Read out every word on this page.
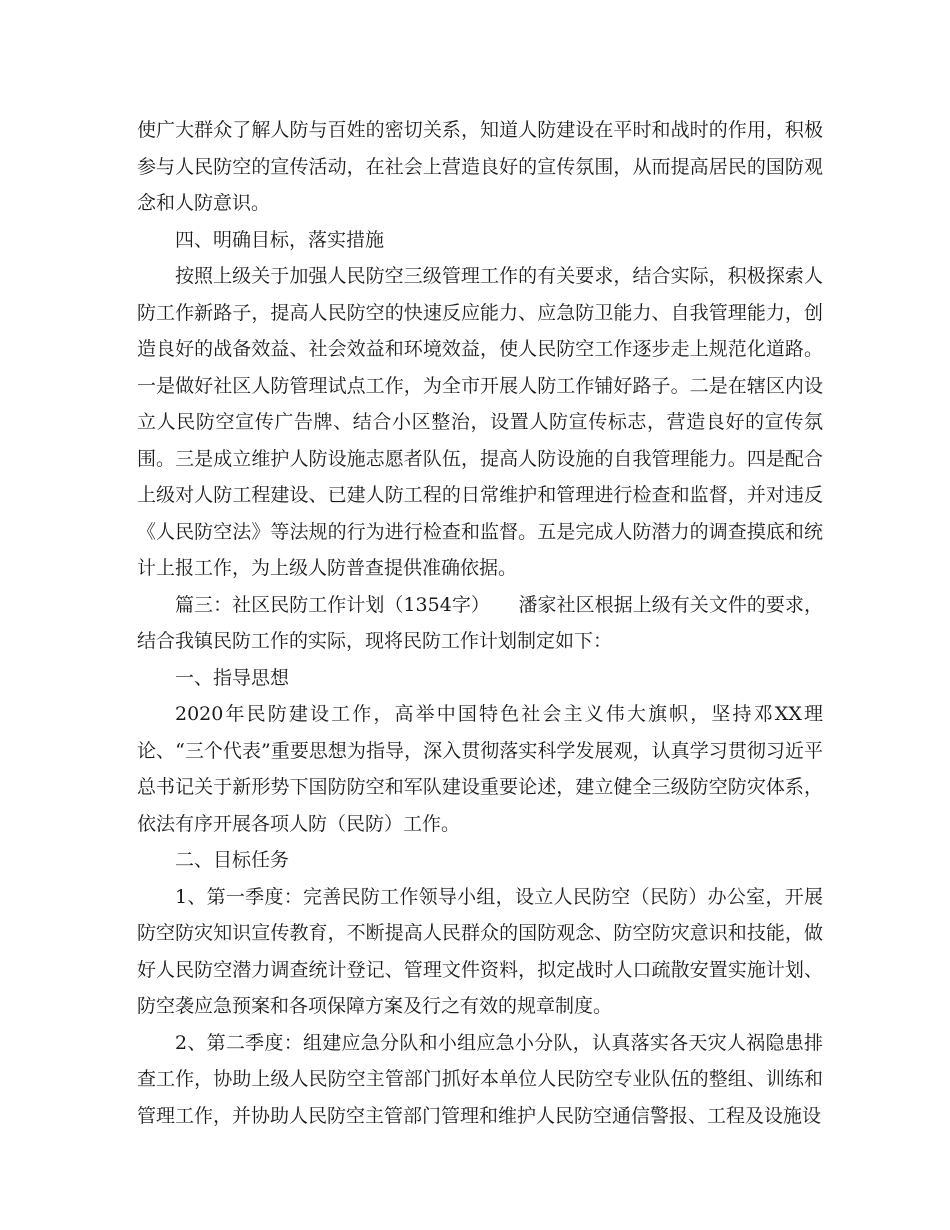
使广大群众了解人防与百姓的密切关系，知道人防建设在平时和战时的作用，积极参与人民防空的宣传活动，在社会上营造良好的宣传氛围，从而提高居民的国防观念和人防意识。

四、明确目标，落实措施

按照上级关于加强人民防空三级管理工作的有关要求，结合实际，积极探索人防工作新路子，提高人民防空的快速反应能力、应急防卫能力、自我管理能力，创造良好的战备效益、社会效益和环境效益，使人民防空工作逐步走上规范化道路。一是做好社区人防管理试点工作，为全市开展人防工作铺好路子。二是在辖区内设立人民防空宣传广告牌、结合小区整治，设置人防宣传标志，营造良好的宣传氛围。三是成立维护人防设施志愿者队伍，提高人防设施的自我管理能力。四是配合上级对人防工程建设、已建人防工程的日常维护和管理进行检查和监督，并对违反《人民防空法》等法规的行为进行检查和监督。五是完成人防潜力的调查摸底和统计上报工作，为上级人防普查提供准确依据。

篇三：社区民防工作计划（1354字）　　潘家社区根据上级有关文件的要求，结合我镇民防工作的实际，现将民防工作计划制定如下：

一、指导思想

2020年民防建设工作，高举中国特色社会主义伟大旗帜，坚持邓XX理论、“三个代表”重要思想为指导，深入贯彻落实科学发展观，认真学习贯彻习近平总书记关于新形势下国防防空和军队建设重要论述，建立健全三级防空防灾体系，依法有序开展各项人防（民防）工作。

二、目标任务

1、第一季度：完善民防工作领导小组，设立人民防空（民防）办公室，开展防空防灾知识宣传教育，不断提高人民群众的国防观念、防空防灾意识和技能，做好人民防空潜力调查统计登记、管理文件资料，拟定战时人口疏散安置实施计划、防空袭应急预案和各项保障方案及行之有效的规章制度。

2、第二季度：组建应急分队和小组应急小分队，认真落实各天灾人祸隐患排查工作，协助上级人民防空主管部门抓好本单位人民防空专业队伍的整组、训练和管理工作，并协助人民防空主管部门管理和维护人民防空通信警报、工程及设施设
